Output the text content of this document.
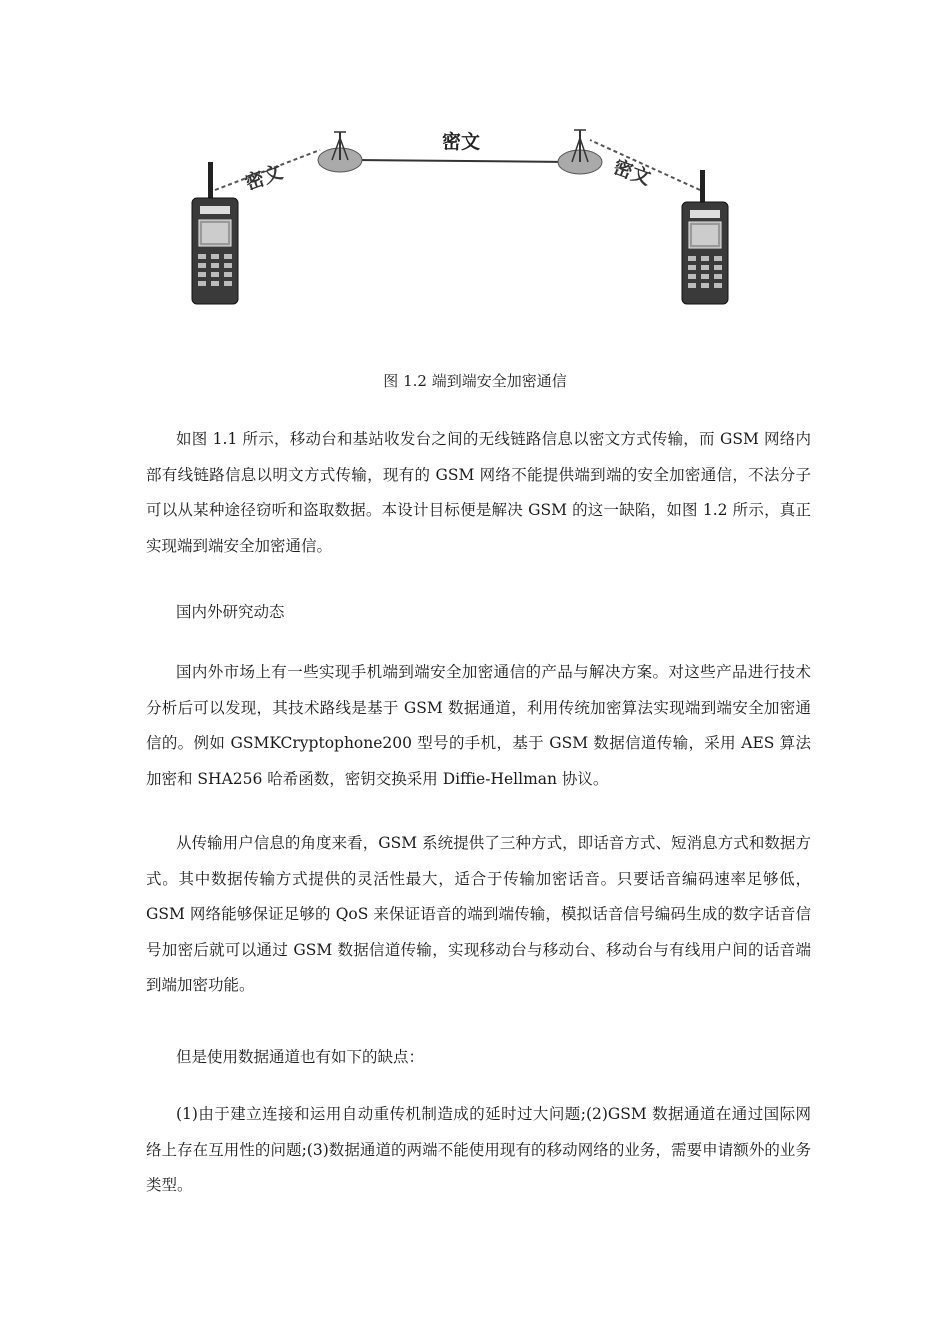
密文
密文
密文
图 1.2 端到端安全加密通信
如图 1.1 所示，移动台和基站收发台之间的无线链路信息以密文方式传输，而 GSM 网络内部有线链路信息以明文方式传输，现有的 GSM 网络不能提供端到端的安全加密通信，不法分子可以从某种途径窃听和盗取数据。本设计目标便是解决 GSM 的这一缺陷，如图 1.2 所示，真正实现端到端安全加密通信。
国内外研究动态
国内外市场上有一些实现手机端到端安全加密通信的产品与解决方案。对这些产品进行技术分析后可以发现，其技术路线是基于 GSM 数据通道，利用传统加密算法实现端到端安全加密通信的。例如 GSMKCryptophone200 型号的手机，基于 GSM 数据信道传输，采用 AES 算法加密和 SHA256 哈希函数，密钥交换采用 Diffie-Hellman 协议。
从传输用户信息的角度来看，GSM 系统提供了三种方式，即话音方式、短消息方式和数据方式。其中数据传输方式提供的灵活性最大，适合于传输加密话音。只要话音编码速率足够低，GSM 网络能够保证足够的 QoS 来保证语音的端到端传输，模拟话音信号编码生成的数字话音信号加密后就可以通过 GSM 数据信道传输，实现移动台与移动台、移动台与有线用户间的话音端到端加密功能。
但是使用数据通道也有如下的缺点：
(1)由于建立连接和运用自动重传机制造成的延时过大问题;(2)GSM 数据通道在通过国际网络上存在互用性的问题;(3)数据通道的两端不能使用现有的移动网络的业务，需要申请额外的业务类型。
